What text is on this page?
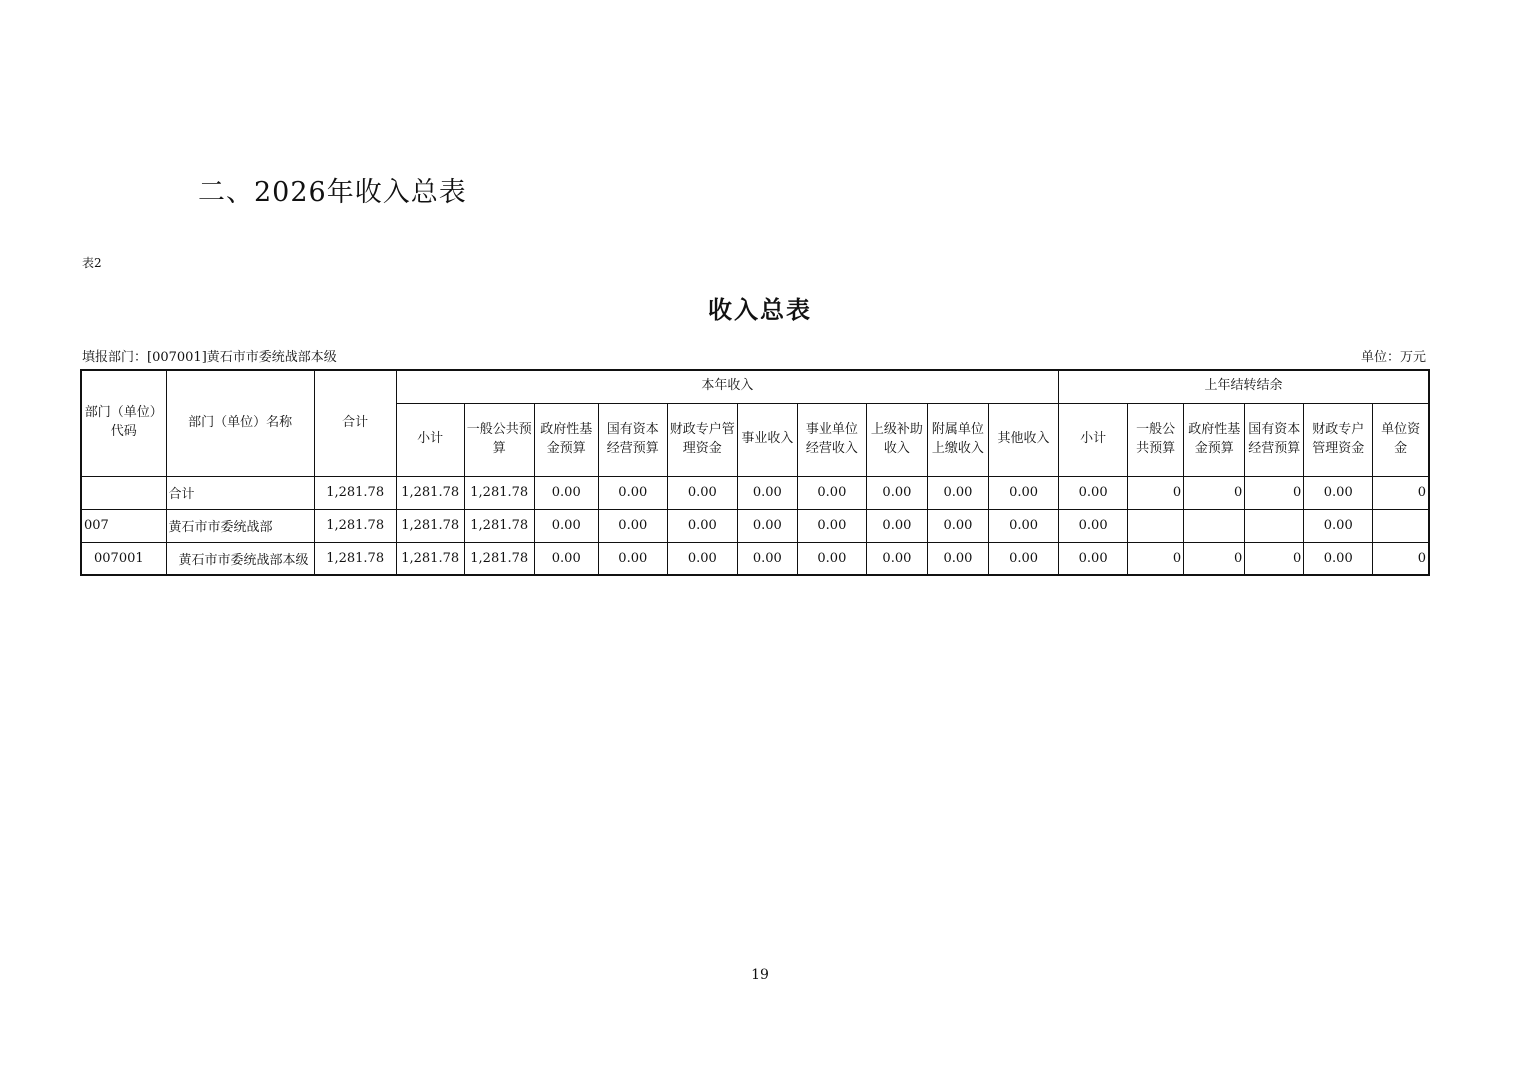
二、2026年收入总表
表2
收入总表
填报部门：[007001]黄石市市委统战部本级	单位：万元
部门（单位）代码	部门（单位）名称	合计	本年收入										上年结转结余					
			小计	一般公共预算	政府性基金预算	国有资本经营预算	财政专户管理资金	事业收入	事业单位经营收入	上级补助收入	附属单位上缴收入	其他收入	小计	一般公共预算	政府性基金预算	国有资本经营预算	财政专户管理资金	单位资金
	合计	1,281.78	1,281.78	1,281.78	0.00	0.00	0.00	0.00	0.00	0.00	0.00	0.00	0.00	0	0	0	0.00	0
007	黄石市市委统战部	1,281.78	1,281.78	1,281.78	0.00	0.00	0.00	0.00	0.00	0.00	0.00	0.00	0.00				0.00	
007001	黄石市市委统战部本级	1,281.78	1,281.78	1,281.78	0.00	0.00	0.00	0.00	0.00	0.00	0.00	0.00	0.00	0	0	0	0.00	0
19
